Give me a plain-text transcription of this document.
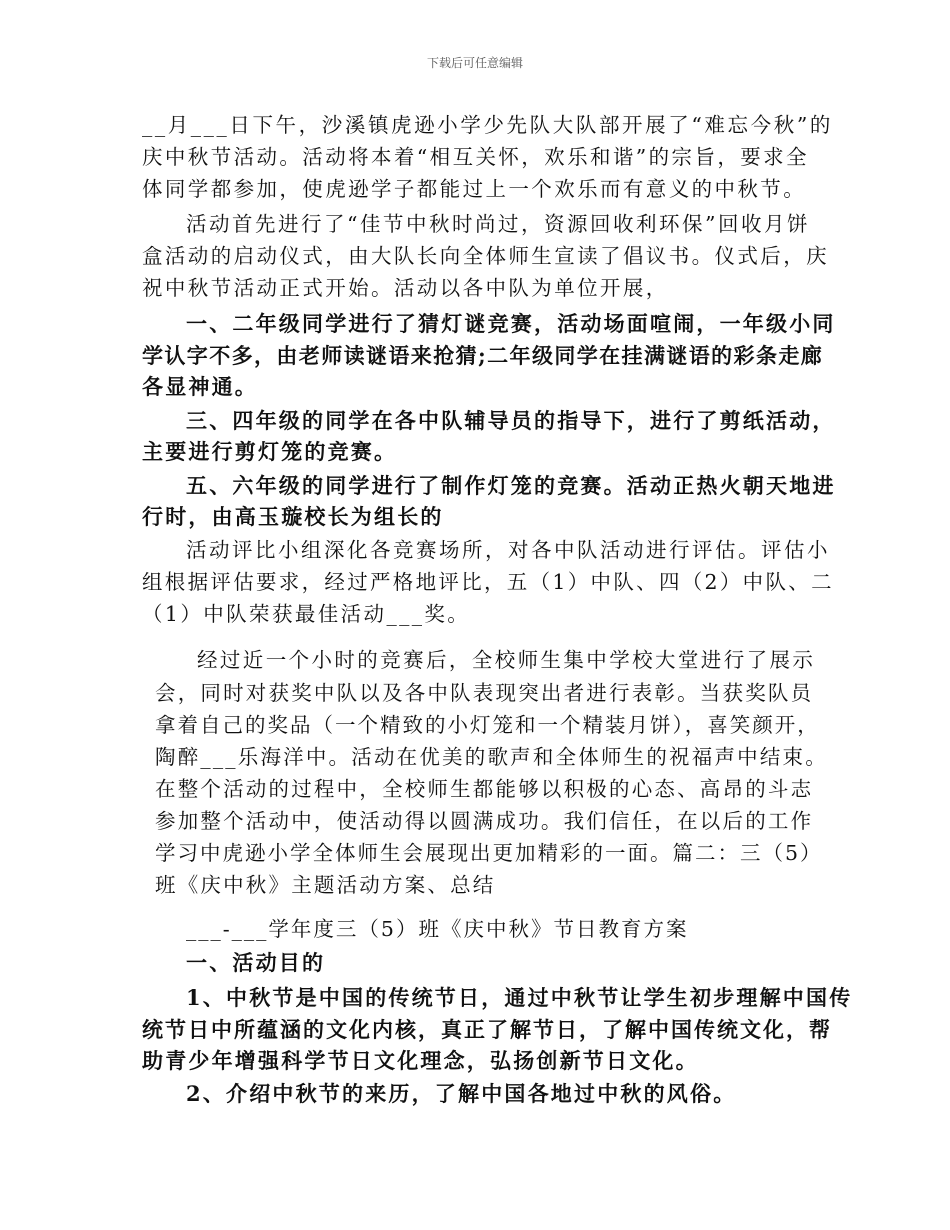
下载后可任意编辑
__月___日下午，沙溪镇虎逊小学少先队大队部开展了“难忘今秋”的
庆中秋节活动。活动将本着“相互关怀，欢乐和谐”的宗旨，要求全
体同学都参加，使虎逊学子都能过上一个欢乐而有意义的中秋节。
活动首先进行了“佳节中秋时尚过，资源回收利环保”回收月饼
盒活动的启动仪式，由大队长向全体师生宣读了倡议书。仪式后，庆
祝中秋节活动正式开始。活动以各中队为单位开展，
一、二年级同学进行了猜灯谜竞赛，活动场面喧闹，一年级小同
学认字不多，由老师读谜语来抢猜;二年级同学在挂满谜语的彩条走廊
各显神通。
三、四年级的同学在各中队辅导员的指导下，进行了剪纸活动，
主要进行剪灯笼的竞赛。
五、六年级的同学进行了制作灯笼的竞赛。活动正热火朝天地进
行时，由高玉璇校长为组长的
活动评比小组深化各竞赛场所，对各中队活动进行评估。评估小
组根据评估要求，经过严格地评比，五（1）中队、四（2）中队、二
（1）中队荣获最佳活动___奖。
经过近一个小时的竞赛后，全校师生集中学校大堂进行了展示
会，同时对获奖中队以及各中队表现突出者进行表彰。当获奖队员
拿着自己的奖品（一个精致的小灯笼和一个精装月饼），喜笑颜开，
陶醉___乐海洋中。活动在优美的歌声和全体师生的祝福声中结束。
在整个活动的过程中，全校师生都能够以积极的心态、高昂的斗志
参加整个活动中，使活动得以圆满成功。我们信任，在以后的工作
学习中虎逊小学全体师生会展现出更加精彩的一面。篇二：三（5）
班《庆中秋》主题活动方案、总结
___-___学年度三（5）班《庆中秋》节日教育方案
一、活动目的
1、中秋节是中国的传统节日，通过中秋节让学生初步理解中国传
统节日中所蕴涵的文化内核，真正了解节日，了解中国传统文化，帮
助青少年增强科学节日文化理念，弘扬创新节日文化。
2、介绍中秋节的来历，了解中国各地过中秋的风俗。
